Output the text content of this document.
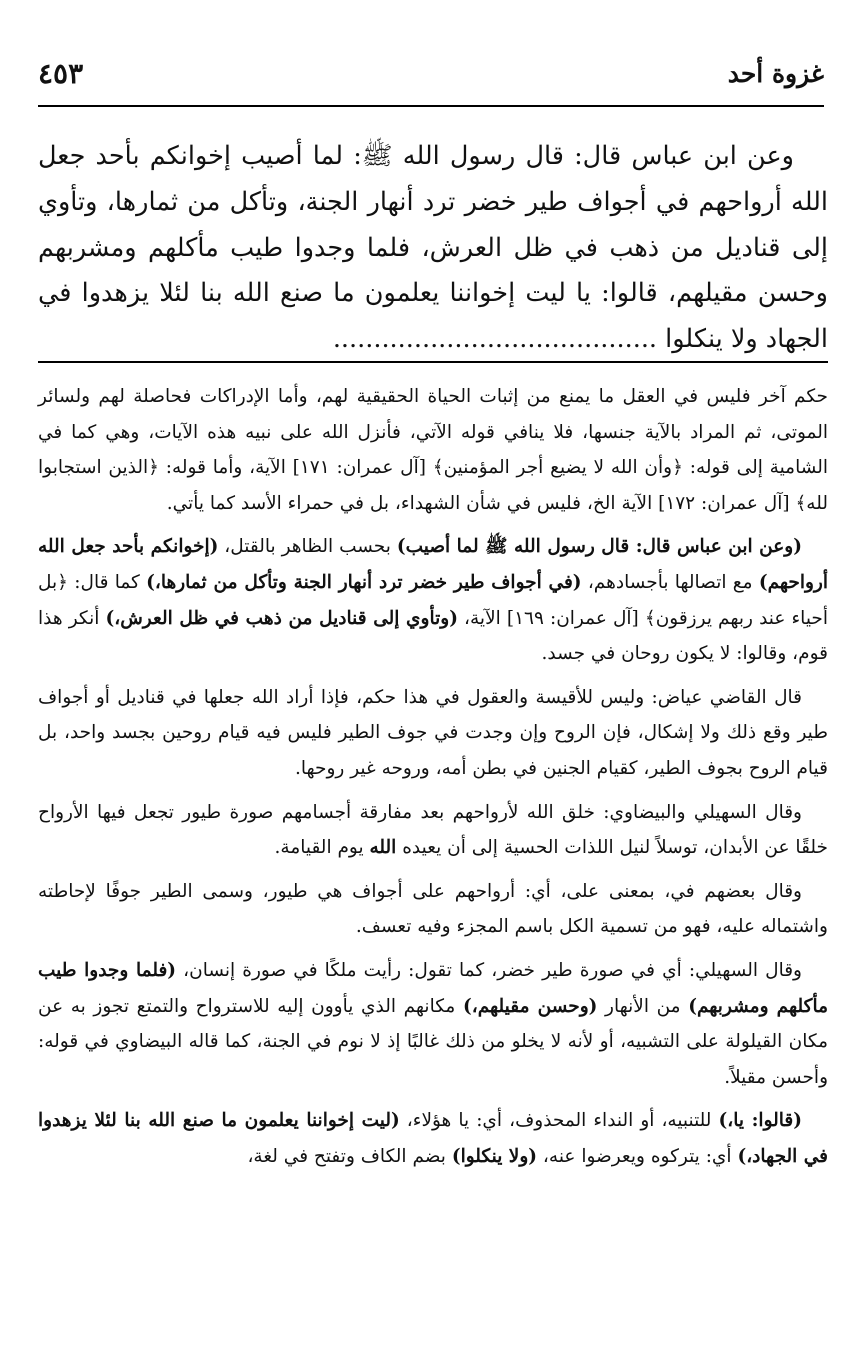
غزوة أحد
٤٥٣

وعن ابن عباس قال: قال رسول الله ﷺ: لما أصيب إخوانكم بأحد جعل الله أرواحهم في أجواف طير خضر ترد أنهار الجنة، وتأكل من ثمارها، وتأوي إلى قناديل من ذهب في ظل العرش، فلما وجدوا طيب مأكلهم ومشربهم وحسن مقيلهم، قالوا: يا ليت إخواننا يعلمون ما صنع الله بنا لئلا يزهدوا في الجهاد ولا ينكلوا ........................................

حكم آخر فليس في العقل ما يمنع من إثبات الحياة الحقيقية لهم، وأما الإدراكات فحاصلة لهم ولسائر الموتى، ثم المراد بالآية جنسها، فلا ينافي قوله الآتي، فأنزل الله على نبيه هذه الآيات، وهي كما في الشامية إلى قوله: ﴿وأن الله لا يضيع أجر المؤمنين﴾ [آل عمران: ١٧١] الآية، وأما قوله: ﴿الذين استجابوا لله﴾ [آل عمران: ١٧٢] الآية الخ، فليس في شأن الشهداء، بل في حمراء الأسد كما يأتي.

(وعن ابن عباس قال: قال رسول الله ﷺ لما أصيب) بحسب الظاهر بالقتل، (إخوانكم بأحد جعل الله أرواحهم) مع اتصالها بأجسادهم، (في أجواف طير خضر ترد أنهار الجنة وتأكل من ثمارها،) كما قال: ﴿بل أحياء عند ربهم يرزقون﴾ [آل عمران: ١٦٩] الآية، (وتأوي إلى قناديل من ذهب في ظل العرش،) أنكر هذا قوم، وقالوا: لا يكون روحان في جسد.

قال القاضي عياض: وليس للأقيسة والعقول في هذا حكم، فإذا أراد الله جعلها في قناديل أو أجواف طير وقع ذلك ولا إشكال، فإن الروح وإن وجدت في جوف الطير فليس فيه قيام روحين بجسد واحد، بل قيام الروح بجوف الطير، كقيام الجنين في بطن أمه، وروحه غير روحها.

وقال السهيلي والبيضاوي: خلق الله لأرواحهم بعد مفارقة أجسامهم صورة طيور تجعل فيها الأرواح خلقًا عن الأبدان، توسلاً لنيل اللذات الحسية إلى أن يعيده الله يوم القيامة.

وقال بعضهم في، بمعنى على، أي: أرواحهم على أجواف هي طيور، وسمى الطير جوفًا لإحاطته واشتماله عليه، فهو من تسمية الكل باسم المجزء وفيه تعسف.

وقال السهيلي: أي في صورة طير خضر، كما تقول: رأيت ملكًا في صورة إنسان، (فلما وجدوا طيب مأكلهم ومشربهم) من الأنهار (وحسن مقيلهم،) مكانهم الذي يأوون إليه للاسترواح والتمتع تجوز به عن مكان القيلولة على التشبيه، أو لأنه لا يخلو من ذلك غالبًا إذ لا نوم في الجنة، كما قاله البيضاوي في قوله: وأحسن مقيلاً.

(قالوا: يا،) للتنبيه، أو النداء المحذوف، أي: يا هؤلاء، (ليت إخواننا يعلمون ما صنع الله بنا لئلا يزهدوا في الجهاد،) أي: يتركوه ويعرضوا عنه، (ولا ينكلوا) بضم الكاف وتفتح في لغة،
